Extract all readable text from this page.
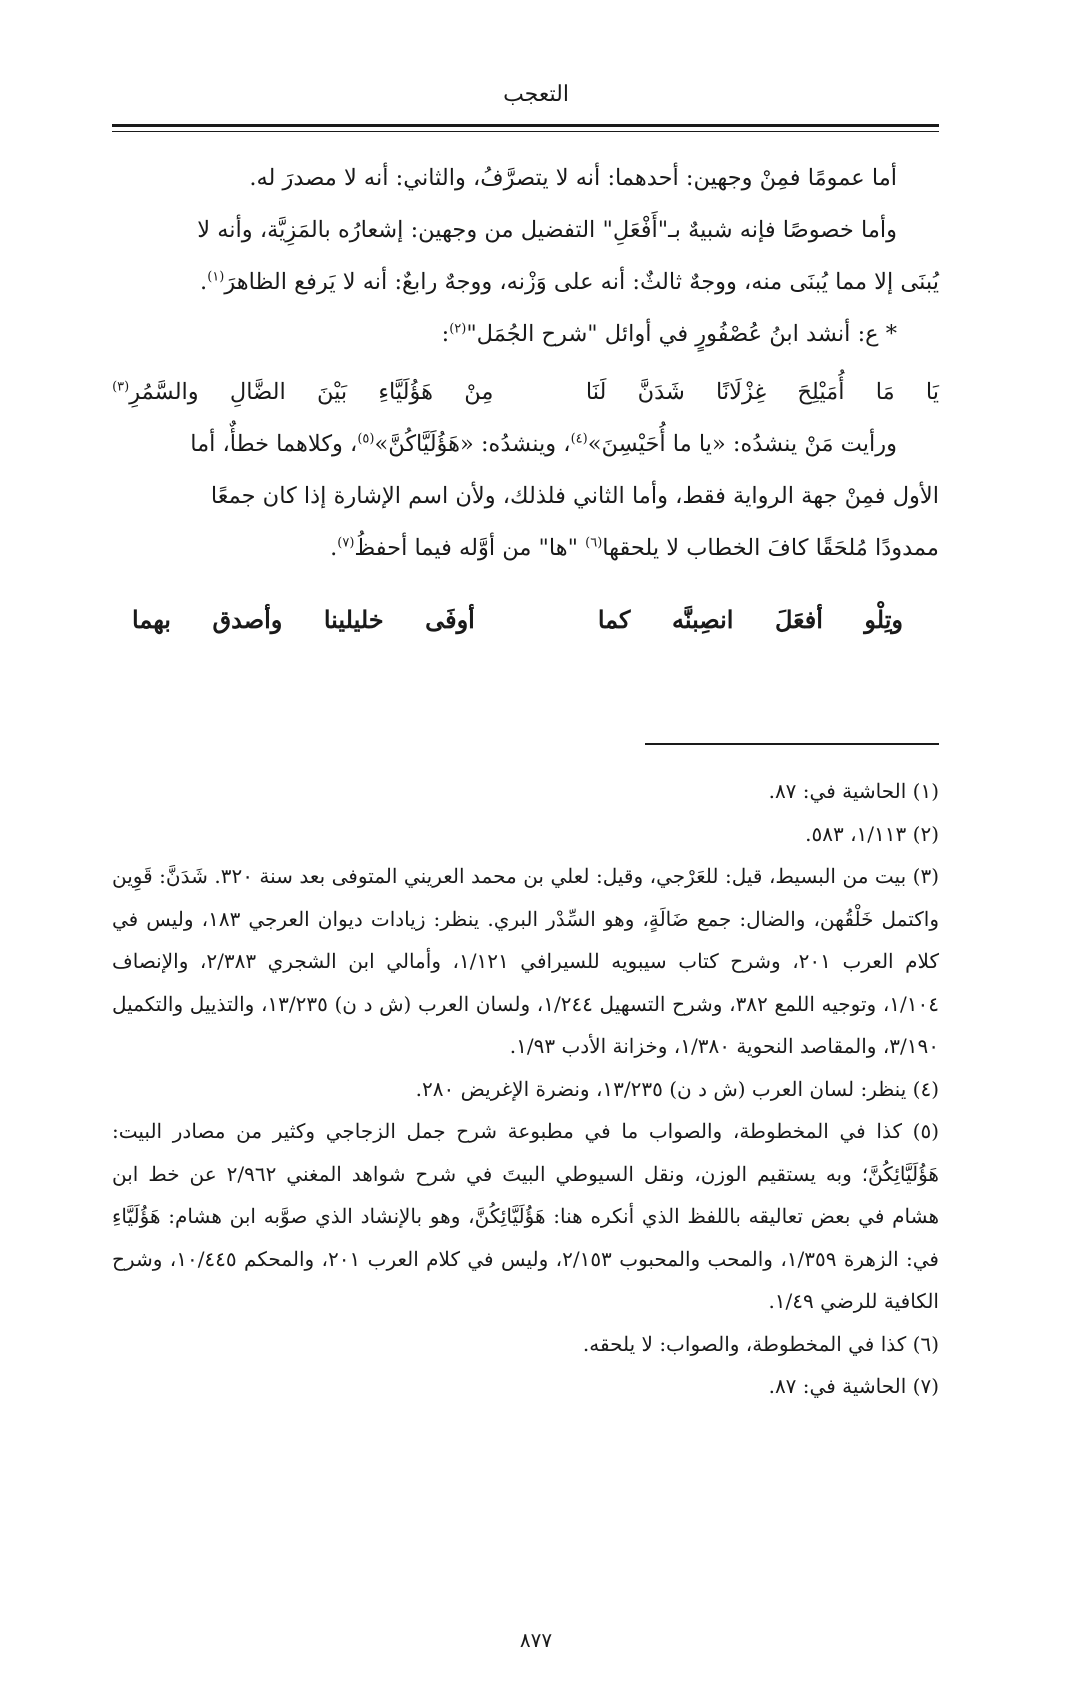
التعجب

أما عمومًا فمِنْ وجهين: أحدهما: أنه لا يتصرَّفُ، والثاني: أنه لا مصدرَ له.

وأما خصوصًا فإنه شبيهٌ بـ"أَفْعَلِ" التفضيل من وجهين: إشعارُه بالمَزِيَّة، وأنه لا
يُبنَى إلا مما يُبنَى منه، ووجهٌ ثالثٌ: أنه على وَزْنه، ووجهٌ رابعٌ: أنه لا يَرفع الظاهرَ$^{(١)}$.

* ع: أنشد ابنُ عُصْفُورٍ في أوائل "شرح الجُمَل"$^{(٢)}$:

يَا
مَا
أُمَيْلِحَ
غِزْلَانًا
شَدَنَّ
لَنَا
مِنْ
هَؤُلَيَّاءِ
بَيْنَ
الضَّالِ
والسَّمُرِ$^{(٣)}$

ورأيت مَنْ ينشدُه: «يا ما أُحَيْسِنَ»$^{(٤)}$، وينشدُه: «هَؤُلَيَّاكُنَّ»$^{(٥)}$، وكلاهما خطأٌ، أما
الأول فمِنْ جهة الرواية فقط، وأما الثاني فلذلك، ولأن اسم الإشارة إذا كان جمعًا
ممدودًا مُلحَقًا كافَ الخطاب لا يلحقها$^{(٦)}$ "ها" من أوَّله فيما أحفظُ$^{(٧)}$.

وتِلْو
أفعَلَ
انصِبنَّه
كما
أوفَى
خليلينا
وأصدق
بهما

(١) الحاشية في: ٨٧.

(٢) ١/١١٣، ٥٨٣.

(٣) بيت من البسيط، قيل: للعَرْجي، وقيل: لعلي بن محمد العريني المتوفى بعد سنة ٣٢٠. شَدَنَّ: قَوِين واكتمل خَلْقُهن، والضال: جمع ضَالَةٍ، وهو السِّدْر البري. ينظر: زيادات ديوان العرجي ١٨٣، وليس في كلام العرب ٢٠١، وشرح كتاب سيبويه للسيرافي ١/١٢١، وأمالي ابن الشجري ٢/٣٨٣، والإنصاف ١/١٠٤، وتوجيه اللمع ٣٨٢، وشرح التسهيل ١/٢٤٤، ولسان العرب (ش د ن) ١٣/٢٣٥، والتذييل والتكميل ٣/١٩٠، والمقاصد النحوية ١/٣٨٠، وخزانة الأدب ١/٩٣.

(٤) ينظر: لسان العرب (ش د ن) ١٣/٢٣٥، ونضرة الإغريض ٢٨٠.

(٥) كذا في المخطوطة، والصواب ما في مطبوعة شرح جمل الزجاجي وكثير من مصادر البيت: هَؤُلَيَّائِكُنَّ؛ وبه يستقيم الوزن، ونقل السيوطي البيتَ في شرح شواهد المغني ٢/٩٦٢ عن خط ابن هشام في بعض تعاليقه باللفظ الذي أنكره هنا: هَؤُلَيَّائِكُنَّ، وهو بالإنشاد الذي صوَّبه ابن هشام: هَؤُلَيَّاءِ في: الزهرة ١/٣٥٩، والمحب والمحبوب ٢/١٥٣، وليس في كلام العرب ٢٠١، والمحكم ١٠/٤٤٥، وشرح الكافية للرضي ١/٤٩.

(٦) كذا في المخطوطة، والصواب: لا يلحقه.

(٧) الحاشية في: ٨٧.

٨٧٧
